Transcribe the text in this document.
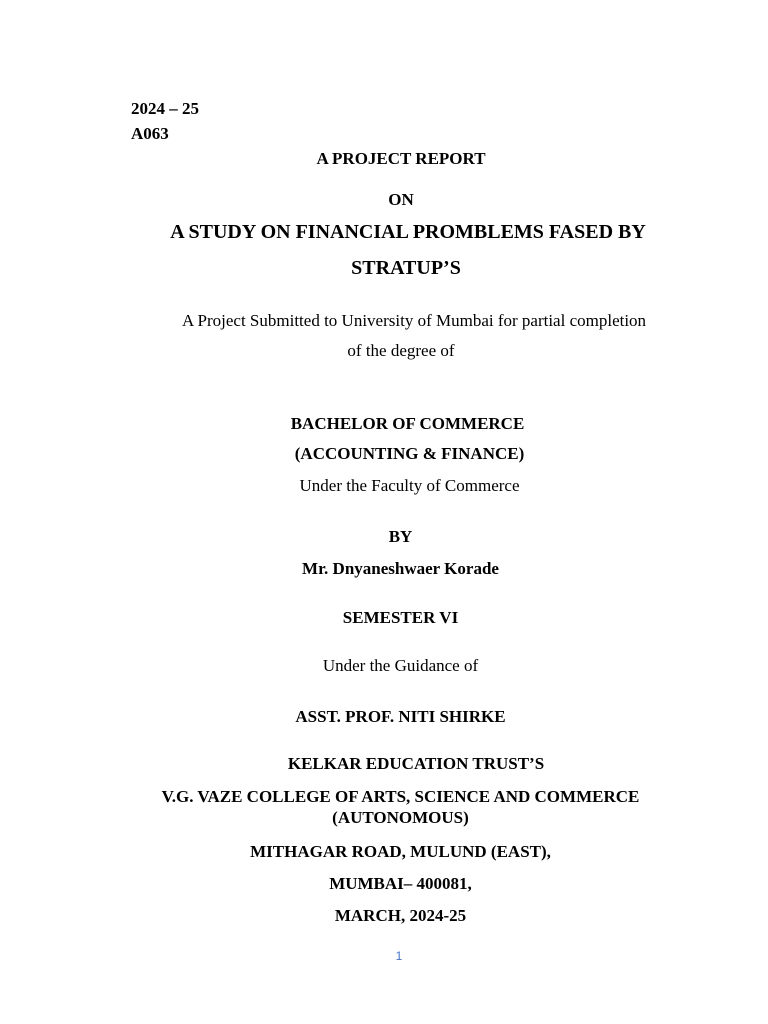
2024 – 25
A063
A PROJECT REPORT
ON
A STUDY ON FINANCIAL PROMBLEMS FASED BY
STRATUP’S
A Project Submitted to University of Mumbai for partial completion
of the degree of
BACHELOR OF COMMERCE
(ACCOUNTING & FINANCE)
Under the Faculty of Commerce
BY
Mr. Dnyaneshwaer Korade
SEMESTER VI
Under the Guidance of
ASST. PROF. NITI SHIRKE
KELKAR EDUCATION TRUST’S
V.G. VAZE COLLEGE OF ARTS, SCIENCE AND COMMERCE
(AUTONOMOUS)
MITHAGAR ROAD, MULUND (EAST),
MUMBAI– 400081,
MARCH, 2024-25
1
